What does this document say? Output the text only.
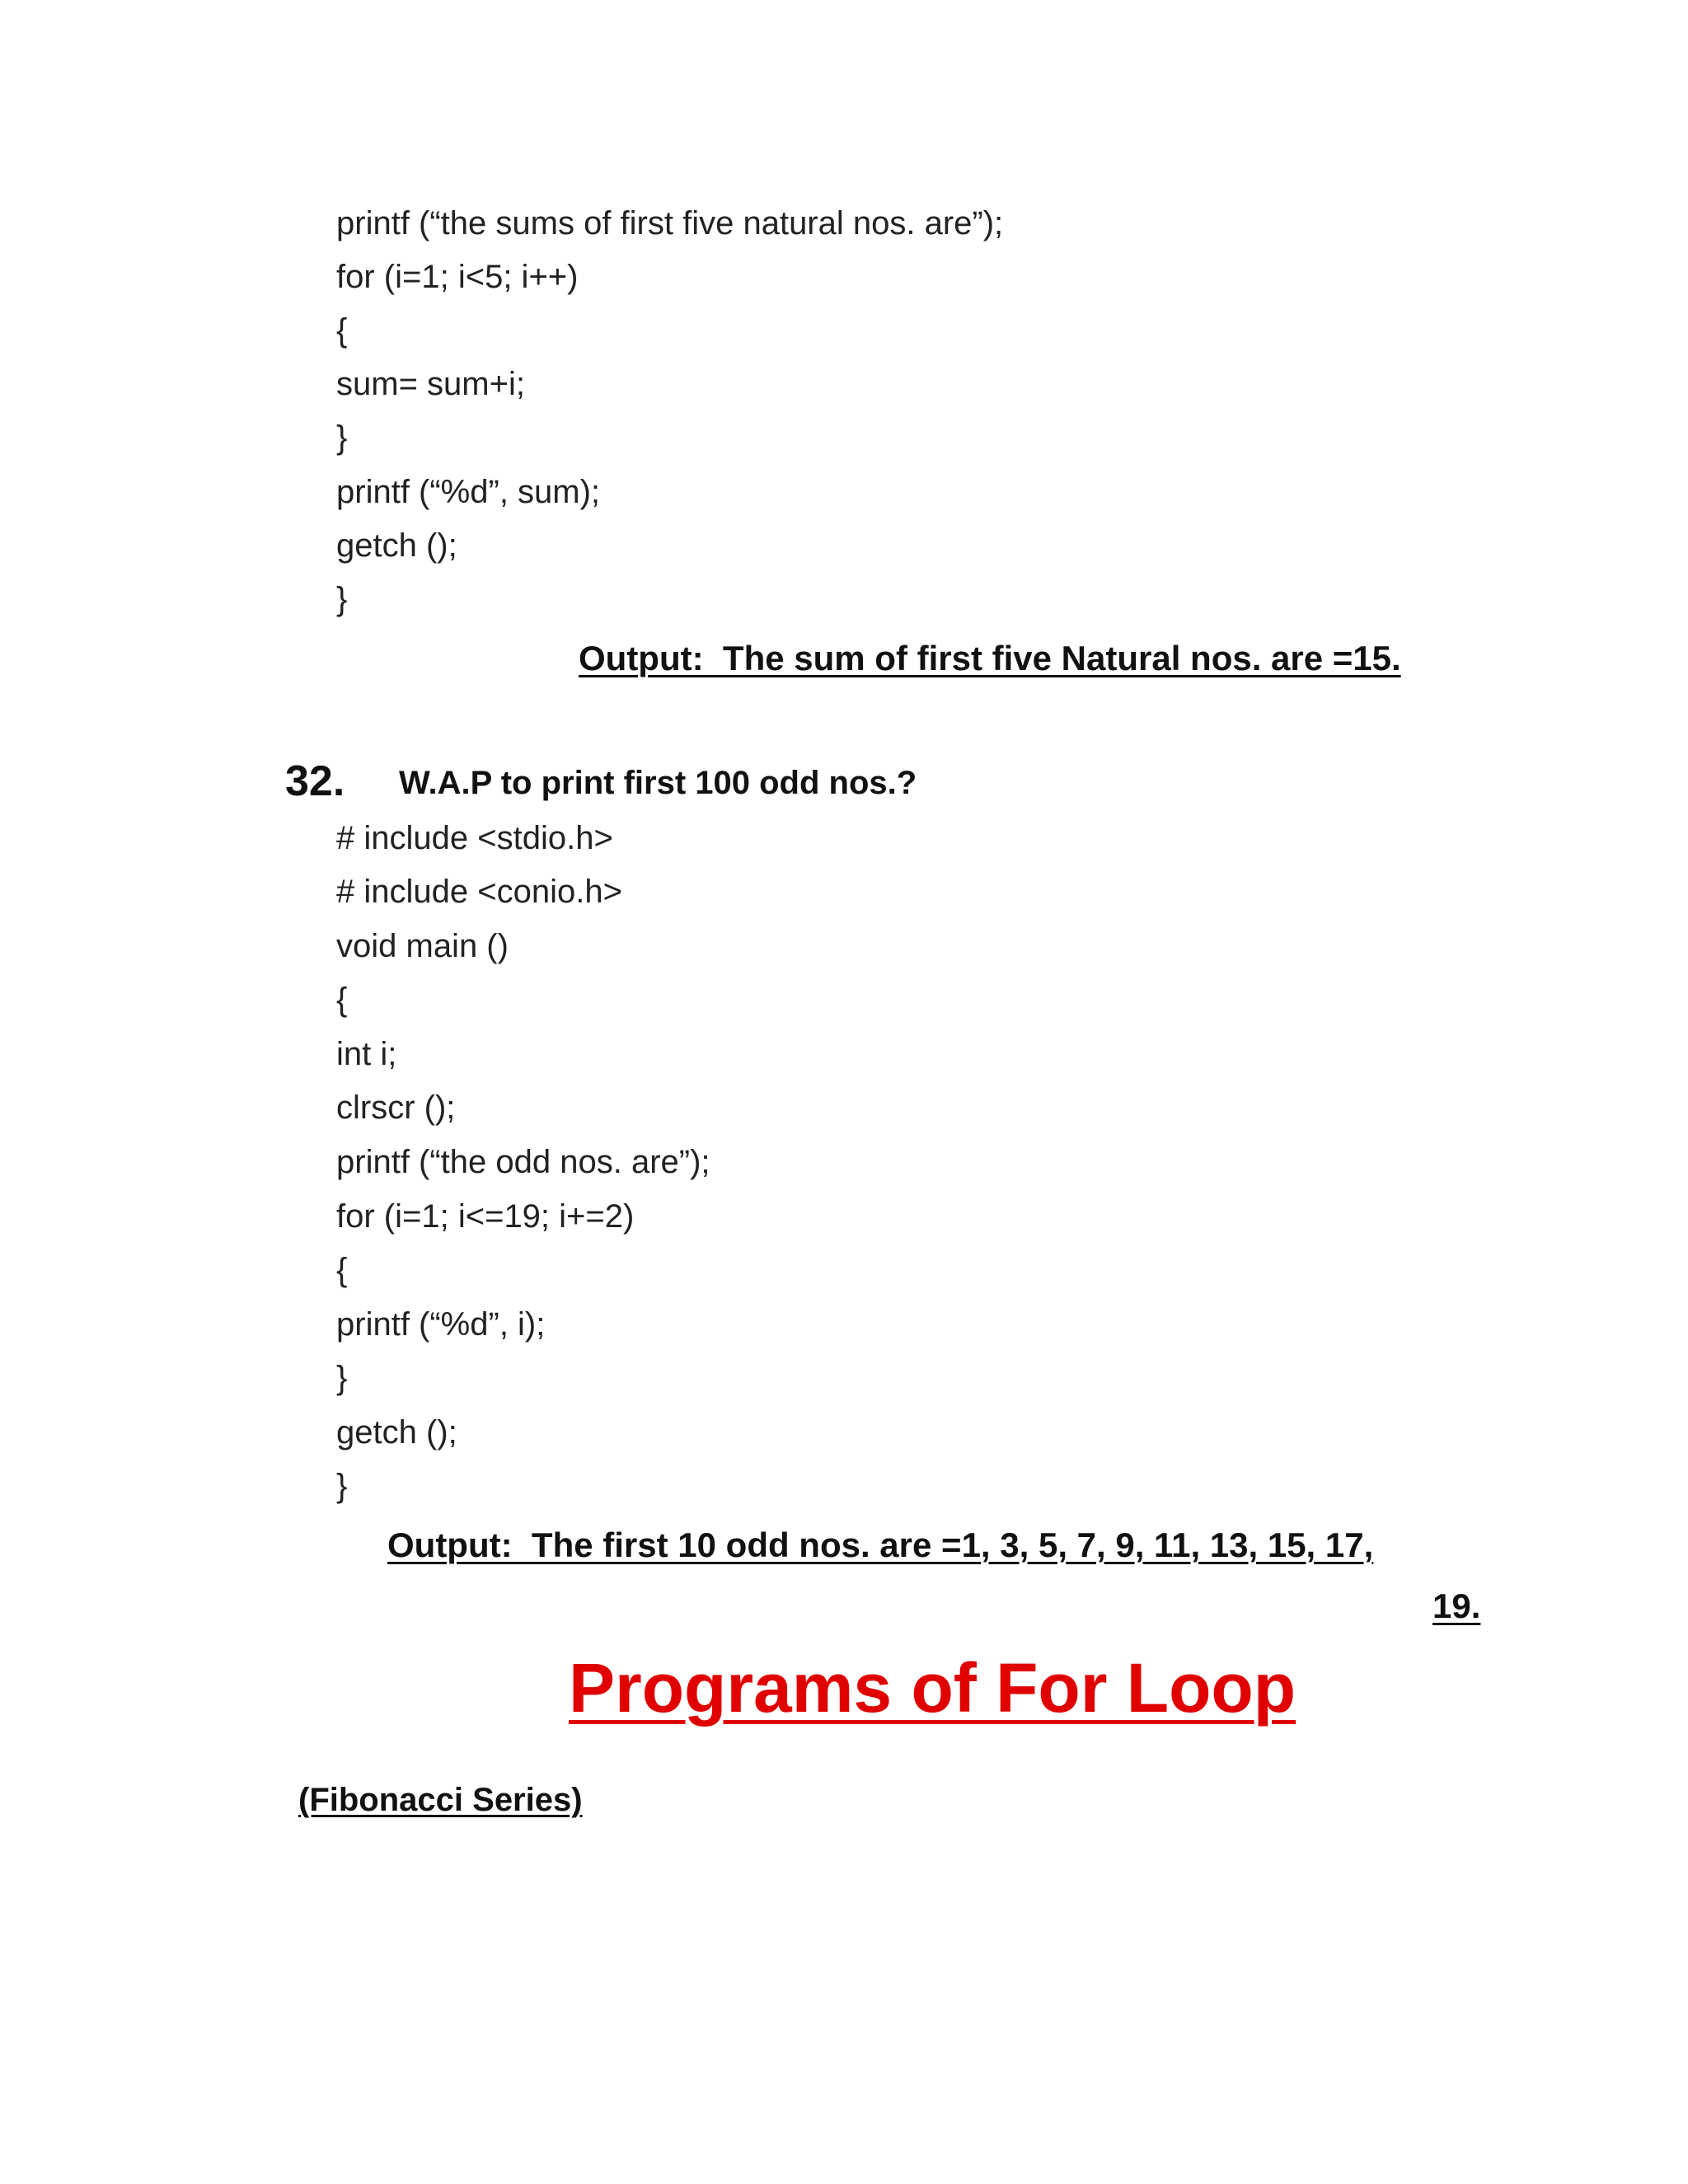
printf (“the sums of first five natural nos. are”);
for (i=1; i<5; i++)
{
sum= sum+i;
}
printf (“%d”, sum);
getch ();
}
Output:  The sum of first five Natural nos. are =15.
32. W.A.P to print first 100 odd nos.?
# include <stdio.h>
# include <conio.h>
void main ()
{
int i;
clrscr ();
printf (“the odd nos. are”);
for (i=1; i<=19; i+=2)
{
printf (“%d”, i);
}
getch ();
}
Output:  The first 10 odd nos. are =1, 3, 5, 7, 9, 11, 13, 15, 17,
19.
Programs of For Loop
(Fibonacci Series)
